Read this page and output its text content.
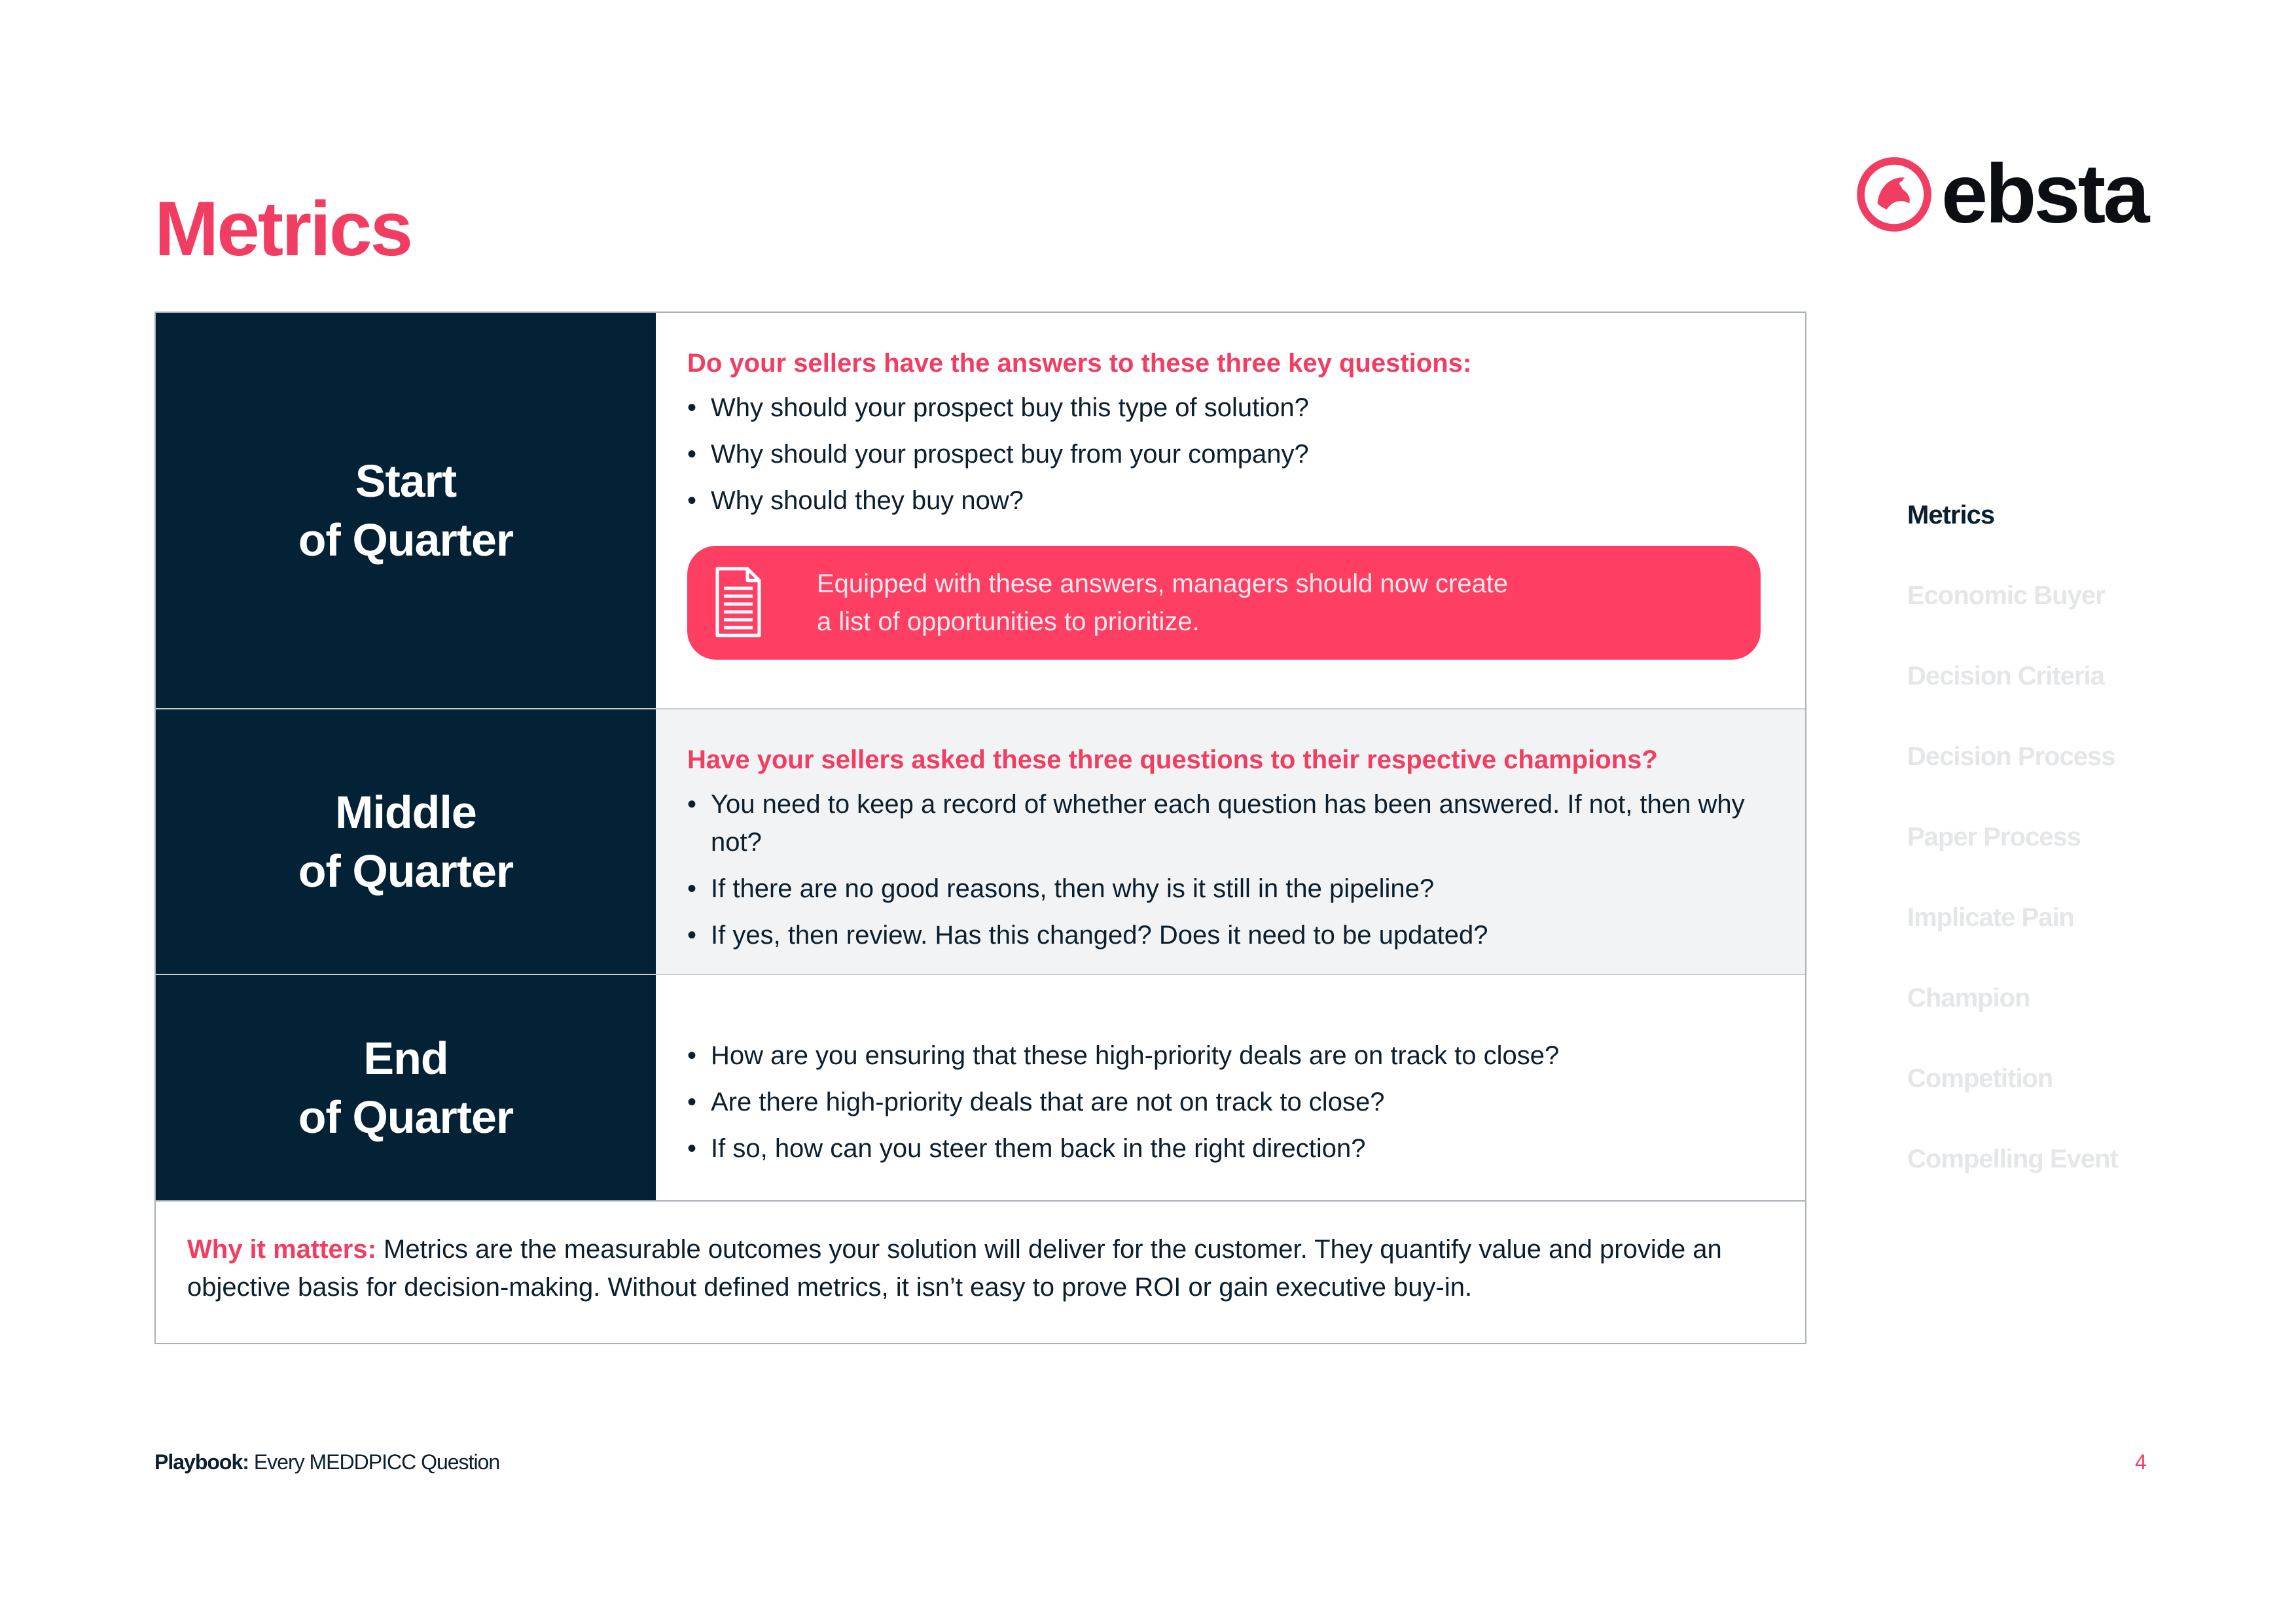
Metrics	ebsta
Start
of Quarter

Do your sellers have the answers to these three key questions:

• Why should your prospect buy this type of solution?
• Why should your prospect buy from your company?
• Why should they buy now?
Equipped with these answers, managers should now create
a list of opportunities to prioritize.
Middle
of Quarter

Have your sellers asked these three questions to their respective champions?

• You need to keep a record of whether each question has been answered. If not, then why not?
• If there are no good reasons, then why is it still in the pipeline?
• If yes, then review. Has this changed? Does it need to be updated?
End
of Quarter
• How are you ensuring that these high-priority deals are on track to close?
• Are there high-priority deals that are not on track to close?
• If so, how can you steer them back in the right direction?
Why it matters: Metrics are the measurable outcomes your solution will deliver for the customer. They quantify value and provide an objective basis for decision-making. Without defined metrics, it isn’t easy to prove ROI or gain executive buy-in.
Metrics
Economic Buyer
Decision Criteria
Decision Process
Paper Process
Implicate Pain
Champion
Competition
Compelling Event
Playbook: Every MEDDPICC Question	4
